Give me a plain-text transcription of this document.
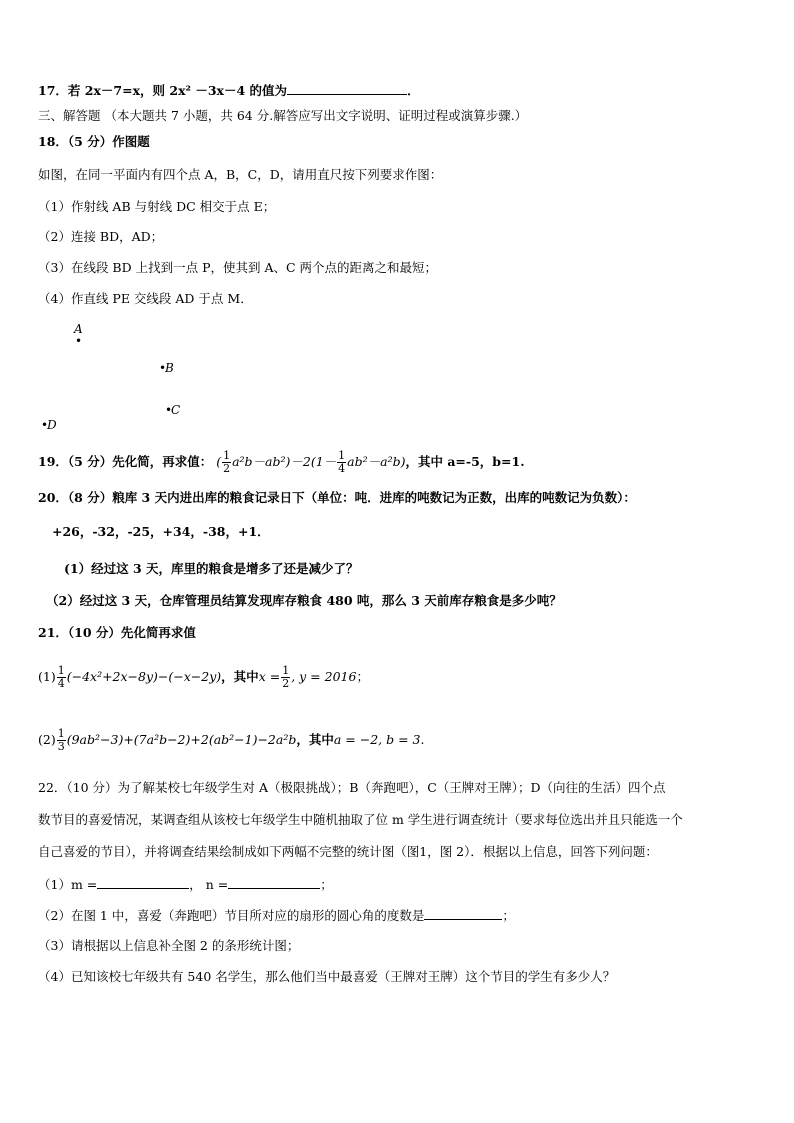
17．若 2x－7=x，则 2x² －3x－4 的值为	．
三、解答题 （本大题共 7 小题，共 64 分.解答应写出文字说明、证明过程或演算步骤.）
18．（5 分）作图题
如图，在同一平面内有四个点 A，B，C，D，请用直尺按下列要求作图：
（1）作射线 AB 与射线 DC 相交于点 E；
（2）连接 BD，AD；
（3）在线段 BD 上找到一点 P，使其到 A、C 两个点的距离之和最短；
（4）作直线 PE 交线段 AD 于点 M．
A
•
•
B
•
C
•
D
19．（5 分）先化简，再求值： ( $\frac{1}{2} a^2b-ab^2)-2(1- \frac{1}{4} ab^2-a^2b)$，其中 a=-5，b=1.
20．（8 分）粮库 3 天内进出库的粮食记录日下（单位：吨．进库的吨数记为正数，出库的吨数记为负数）：
+26，-32，-25，+34，-38，+1．
(1）经过这 3 天，库里的粮食是增多了还是减少了？
（2）经过这 3 天，仓库管理员结算发现库存粮食 480 吨，那么 3 天前库存粮食是多少吨？
21．（10 分）先化简再求值
$(1) \frac{1}{4} (-4x^2+2x-8y)-(-x-2y)$，其中$x = \frac{1}{2}$ , y = 2016；
$(2) \frac{1}{3} (9ab^2-3)+(7a^2b-2)+2(ab^2-1)-2a^2b$，其中a = −2, b = 3.
22．（10 分）为了解某校七年级学生对 A（极限挑战）；B（奔跑吧），C（王牌对王牌）；D（向往的生活）四个点
数节目的喜爱情况，某调查组从该校七年级学生中随机抽取了位 m 学生进行调查统计（要求每位选出并且只能选一个
自己喜爱的节目），并将调查结果绘制成如下两幅不完整的统计图（图1，图 2）．根据以上信息，回答下列问题：
（1）m =	， n =	；
（2）在图 1 中，喜爱（奔跑吧）节目所对应的扇形的圆心角的度数是	；
（3）请根据以上信息补全图 2 的条形统计图；
（4）已知该校七年级共有 540 名学生，那么他们当中最喜爱（王牌对王牌）这个节目的学生有多少人？
